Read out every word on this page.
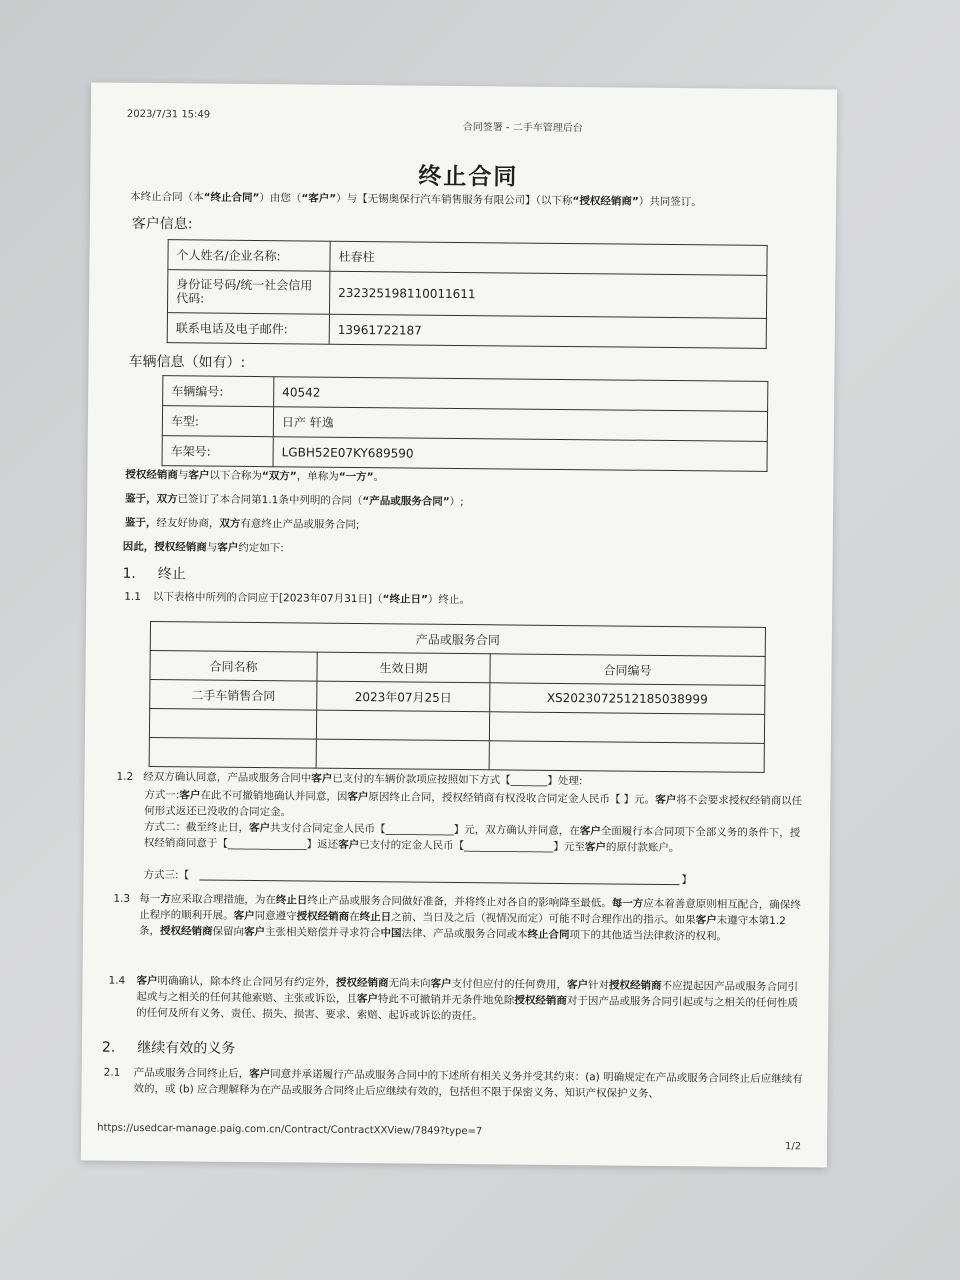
2023/7/31 15:49
合同签署 - 二手车管理后台
终止合同
本终止合同（本“终止合同”）由您（“客户”）与【无锡奥保行汽车销售服务有限公司】（以下称“授权经销商”）共同签订。
客户信息:
个人姓名/企业名称:	杜春柱
身份证号码/统一社会信用代码:	232325198110011611
联系电话及电子邮件:	13961722187
车辆信息（如有）:
车辆编号:	40542
车型:	日产 轩逸
车架号:	LGBH52E07KY689590
授权经销商与客户以下合称为“双方”，单称为“一方”。
鉴于，双方已签订了本合同第1.1条中列明的合同（“产品或服务合同”）;
鉴于，经友好协商，双方有意终止产品或服务合同;
因此，授权经销商与客户约定如下:
1. 终止
1.1 以下表格中所列的合同应于[2023年07月31日]（“终止日”）终止。
产品或服务合同		
合同名称	生效日期	合同编号
二手车销售合同	2023年07月25日	XS2023072512185038999

1.2 经双方确认同意，产品或服务合同中客户已支付的车辆价款项应按照如下方式【_______】处理:
方式一:客户在此不可撤销地确认并同意，因客户原因终止合同，授权经销商有权没收合同定金人民币【 】元。客户将不会要求授权经销商以任何形式返还已没收的合同定金。
方式二：截至终止日，客户共支付合同定金人民币【_____________】元，双方确认并同意，在客户全面履行本合同项下全部义务的条件下，授权经销商同意于【_______________】返还客户已支付的定金人民币【_________________】元至客户的原付款账户。
方式三:【	】
1.3 每一方应采取合理措施，为在终止日终止产品或服务合同做好准备，并将终止对各自的影响降至最低。每一方应本着善意原则相互配合，确保终止程序的顺利开展。客户同意遵守授权经销商在终止日之前、当日及之后（视情况而定）可能不时合理作出的指示。如果客户未遵守本第1.2条，授权经销商保留向客户主张相关赔偿并寻求符合中国法律、产品或服务合同或本终止合同项下的其他适当法律救济的权利。
1.4 客户明确确认，除本终止合同另有约定外，授权经销商无尚未向客户支付但应付的任何费用，客户针对授权经销商不应提起因产品或服务合同引起或与之相关的任何其他索赔、主张或诉讼，且客户特此不可撤销并无条件地免除授权经销商对于因产品或服务合同引起或与之相关的任何性质的任何及所有义务、责任、损失、损害、要求、索赔、起诉或诉讼的责任。
2. 继续有效的义务
2.1 产品或服务合同终止后，客户同意并承诺履行产品或服务合同中的下述所有相关义务并受其约束：(a) 明确规定在产品或服务合同终止后应继续有效的，或 (b) 应合理解释为在产品或服务合同终止后应继续有效的，包括但不限于保密义务、知识产权保护义务、
https://usedcar-manage.paig.com.cn/Contract/ContractXXView/7849?type=7
1/2
